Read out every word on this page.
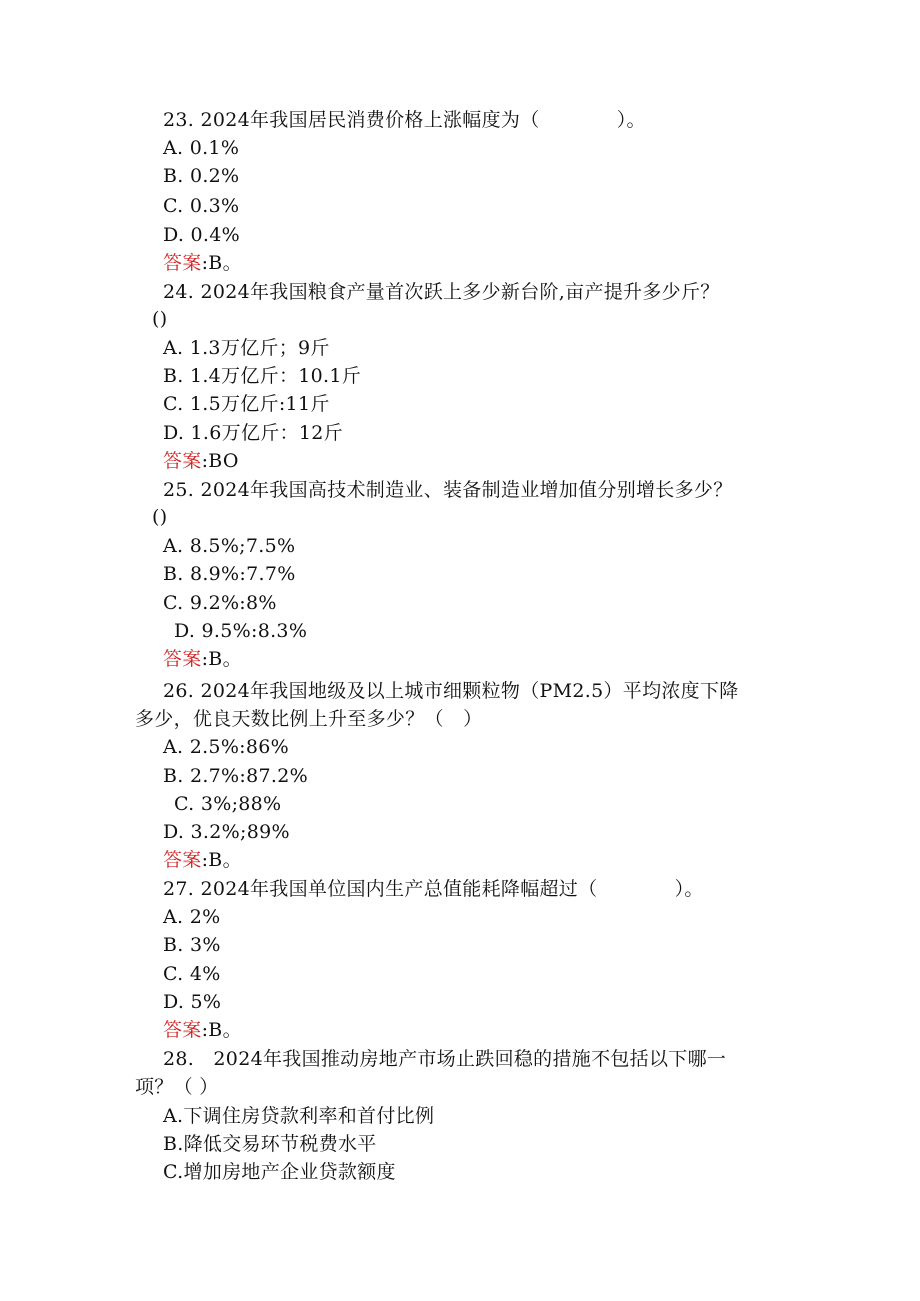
23. 2024年我国居民消费价格上涨幅度为（　　　　）。
A. 0.1%
B. 0.2%
C. 0.3%
D. 0.4%
答案:B。
24. 2024年我国粮食产量首次跃上多少新台阶,亩产提升多少斤？
()
A. 1.3万亿斤；9斤
B. 1.4万亿斤：10.1斤
C. 1.5万亿斤:11斤
D. 1.6万亿斤：12斤
答案:BO
25. 2024年我国高技术制造业、装备制造业增加值分别增长多少？
()
A. 8.5%;7.5%
B. 8.9%:7.7%
C. 9.2%:8%
D. 9.5%:8.3%
答案:B。
26. 2024年我国地级及以上城市细颗粒物（PM2.5）平均浓度下降
多少，优良天数比例上升至多少？（　）
A. 2.5%:86%
B. 2.7%:87.2%
C. 3%;88%
D. 3.2%;89%
答案:B。
27. 2024年我国单位国内生产总值能耗降幅超过（　　　　）。
A. 2%
B. 3%
C. 4%
D. 5%
答案:B。
28.　2024年我国推动房地产市场止跌回稳的措施不包括以下哪一
项？（ ）
A.下调住房贷款利率和首付比例
B.降低交易环节税费水平
C.增加房地产企业贷款额度
